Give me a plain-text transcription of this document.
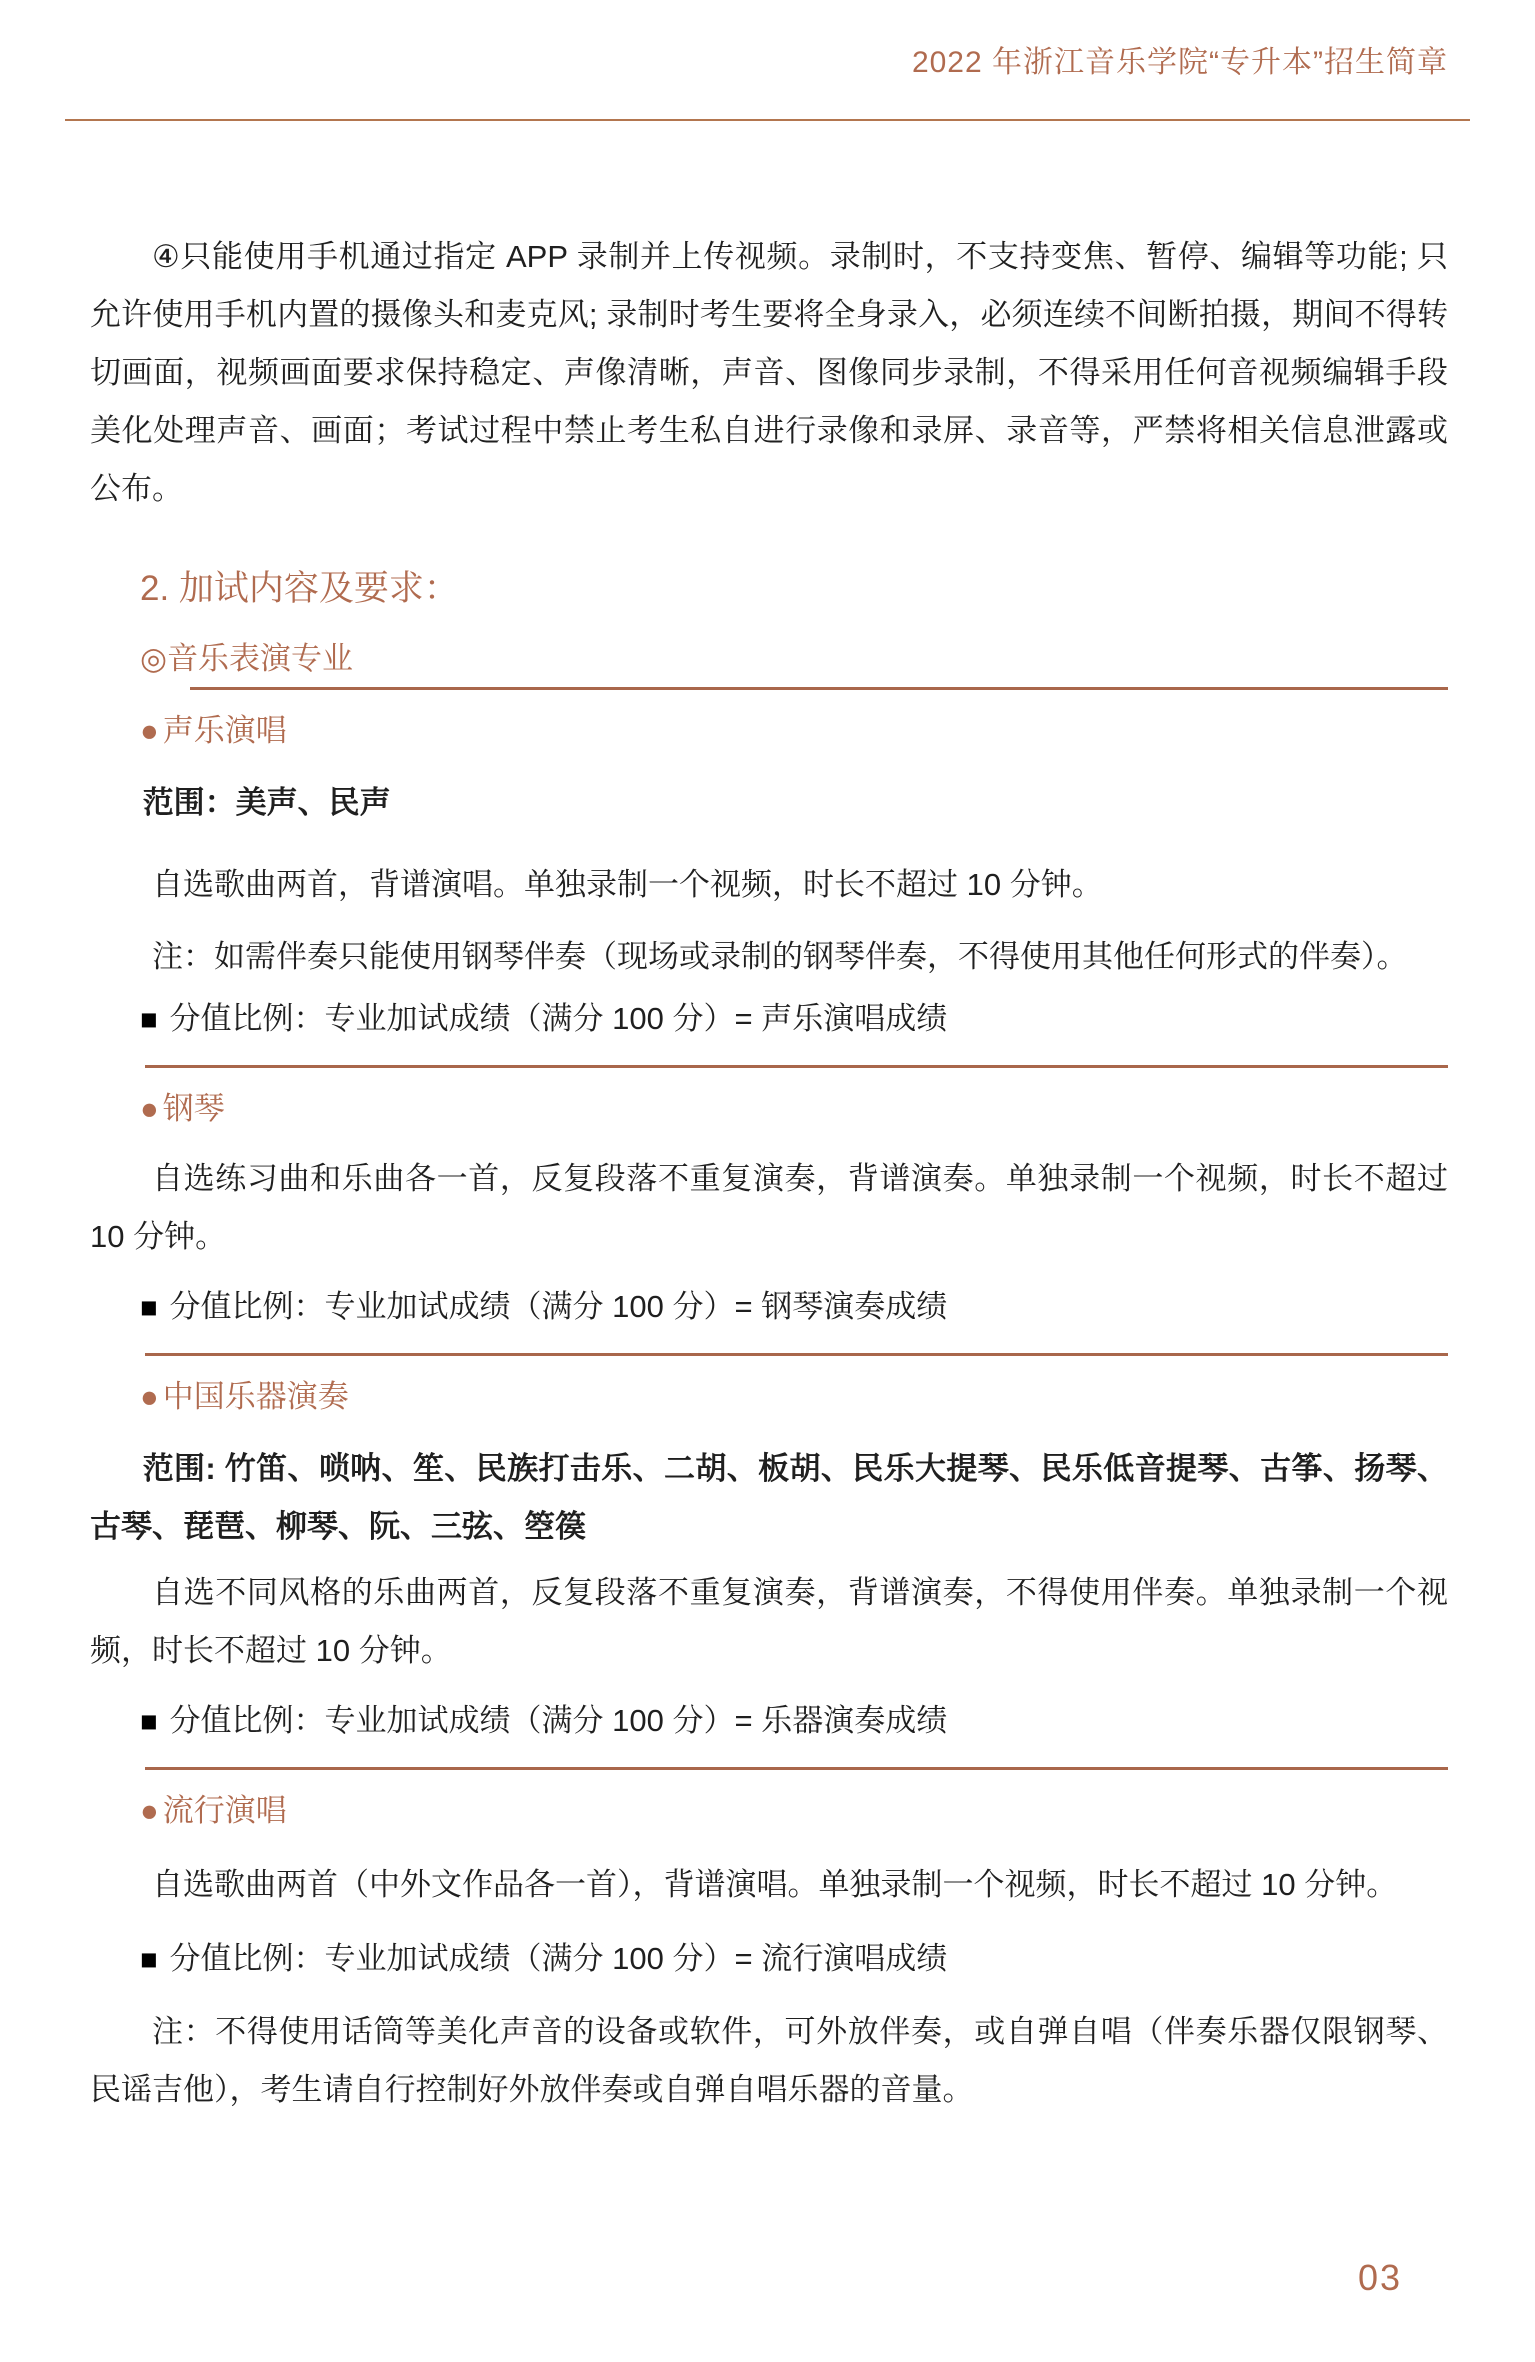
2022 年浙江音乐学院“专升本”招生简章

④只能使用手机通过指定 APP 录制并上传视频。录制时，不支持变焦、暂停、编辑等功能; 只允许使用手机内置的摄像头和麦克风; 录制时考生要将全身录入，必须连续不间断拍摄，期间不得转切画面，视频画面要求保持稳定、声像清晰，声音、图像同步录制，不得采用任何音视频编辑手段美化处理声音、画面；考试过程中禁止考生私自进行录像和录屏、录音等，严禁将相关信息泄露或公布。

2. 加试内容及要求：
◎音乐表演专业
● 声乐演唱

范围：美声、民声

自选歌曲两首，背谱演唱。单独录制一个视频，时长不超过 10 分钟。

注：如需伴奏只能使用钢琴伴奏（现场或录制的钢琴伴奏，不得使用其他任何形式的伴奏）。

■ 分值比例：专业加试成绩（满分 100 分）= 声乐演唱成绩
● 钢琴

自选练习曲和乐曲各一首，反复段落不重复演奏，背谱演奏。单独录制一个视频，时长不超过 10 分钟。

■ 分值比例：专业加试成绩（满分 100 分）= 钢琴演奏成绩
● 中国乐器演奏

范围: 竹笛、唢呐、笙、民族打击乐、二胡、板胡、民乐大提琴、民乐低音提琴、古筝、扬琴、古琴、琵琶、柳琴、阮、三弦、箜篌

自选不同风格的乐曲两首，反复段落不重复演奏，背谱演奏，不得使用伴奏。单独录制一个视频，时长不超过 10 分钟。

■ 分值比例：专业加试成绩（满分 100 分）= 乐器演奏成绩
● 流行演唱

自选歌曲两首（中外文作品各一首），背谱演唱。单独录制一个视频，时长不超过 10 分钟。

■ 分值比例：专业加试成绩（满分 100 分）= 流行演唱成绩

注：不得使用话筒等美化声音的设备或软件，可外放伴奏，或自弹自唱（伴奏乐器仅限钢琴、民谣吉他），考生请自行控制好外放伴奏或自弹自唱乐器的音量。

03
